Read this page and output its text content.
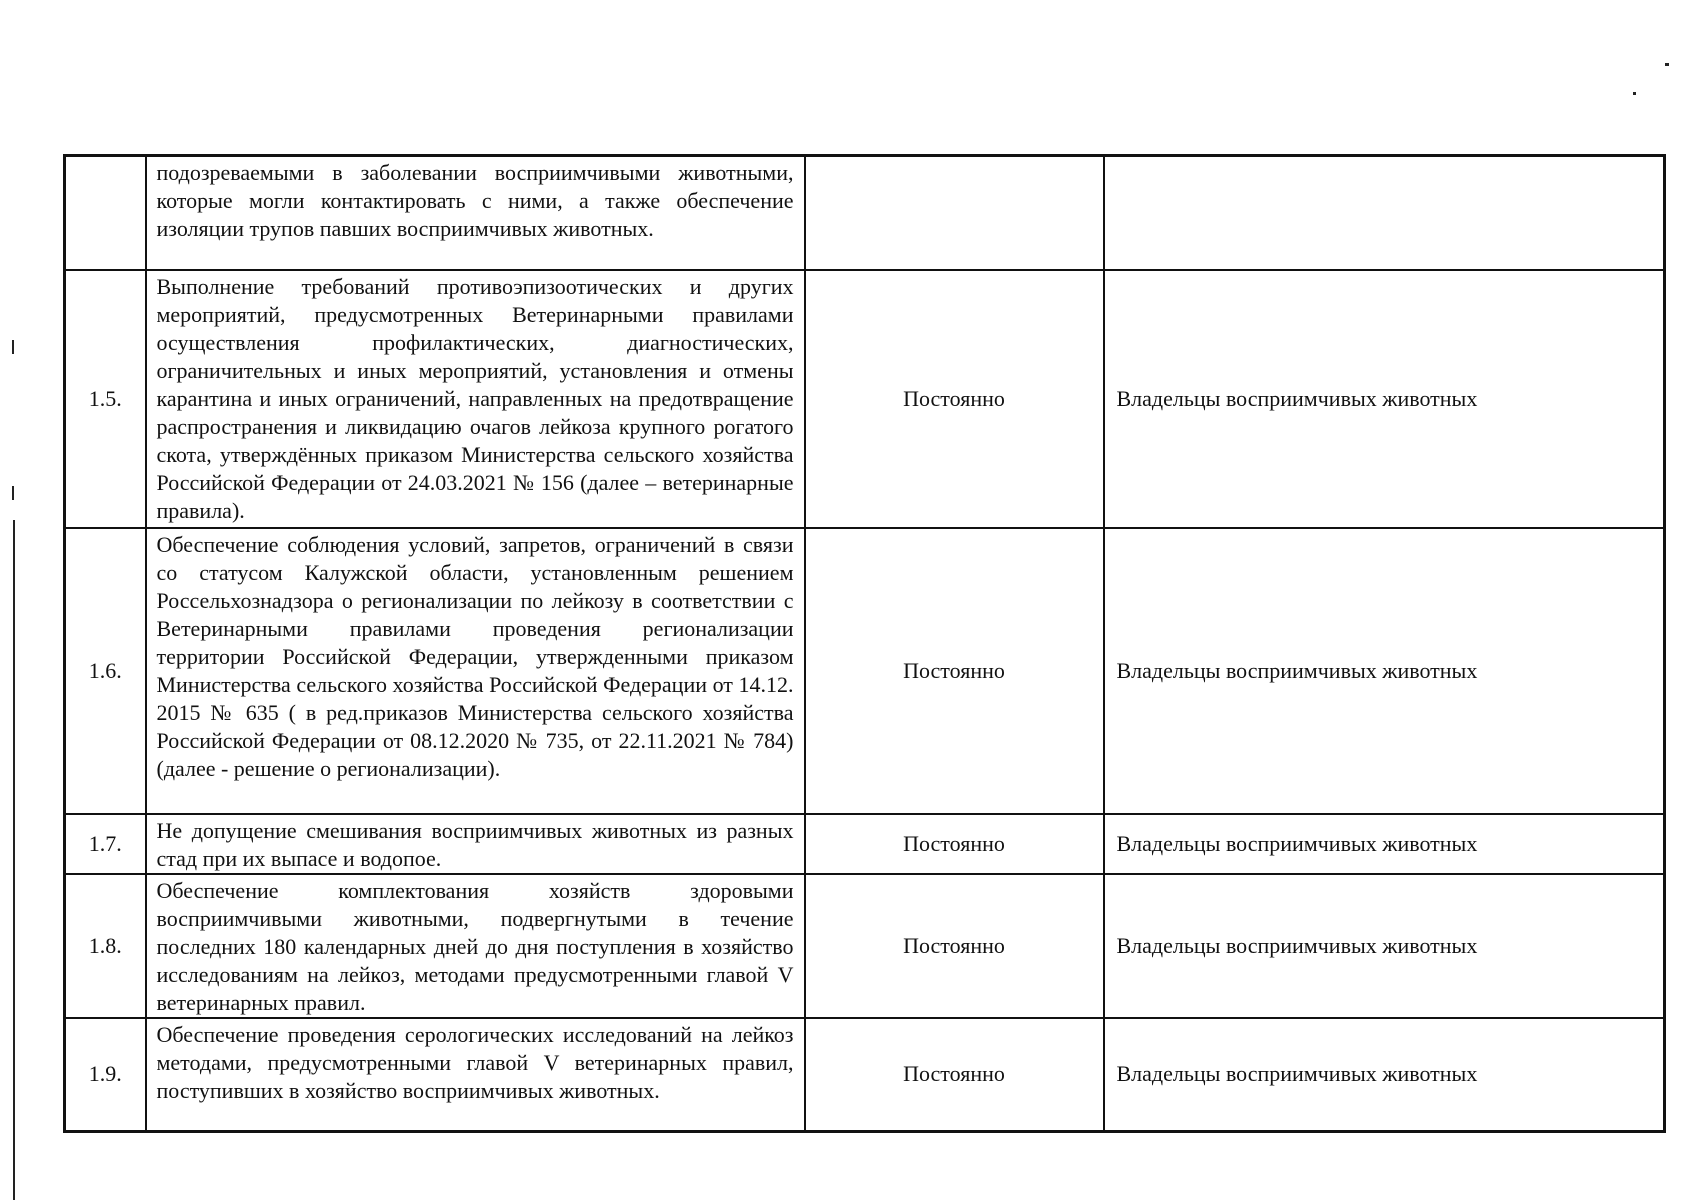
	подозреваемыми в заболевании восприимчивыми животными, которые могли контактировать с ними, а также обеспечение изоляции трупов павших восприимчивых животных.		
1.5.	Выполнение требований противоэпизоотических и других мероприятий, предусмотренных Ветеринарными правилами осуществления профилактических, диагностических, ограничительных и иных мероприятий, установления и отмены карантина и иных ограничений, направленных на предотвращение распространения и ликвидацию очагов лейкоза крупного рогатого скота, утверждённых приказом Министерства сельского хозяйства Российской Федерации от 24.03.2021 № 156 (далее – ветеринарные правила).	Постоянно	Владельцы восприимчивых животных
1.6.	Обеспечение соблюдения условий, запретов, ограничений в связи со статусом Калужской области, установленным решением Россельхознадзора о регионализации по лейкозу в соответствии с Ветеринарными правилами проведения регионализации территории Российской Федерации, утвержденными приказом Министерства сельского хозяйства Российской Федерации от 14.12. 2015 № 635 ( в ред.приказов Министерства сельского хозяйства Российской Федерации от 08.12.2020 № 735, от 22.11.2021 № 784) (далее - решение о регионализации).	Постоянно	Владельцы восприимчивых животных
1.7.	Не допущение смешивания восприимчивых животных из разных стад при их выпасе и водопое.	Постоянно	Владельцы восприимчивых животных
1.8.	Обеспечение комплектования хозяйств здоровыми восприимчивыми животными, подвергнутыми в течение последних 180 календарных дней до дня поступления в хозяйство исследованиям на лейкоз, методами предусмотренными главой V ветеринарных правил.	Постоянно	Владельцы восприимчивых животных
1.9.	Обеспечение проведения серологических исследований на лейкоз методами, предусмотренными главой V ветеринарных правил, поступивших в хозяйство восприимчивых животных.	Постоянно	Владельцы восприимчивых животных
